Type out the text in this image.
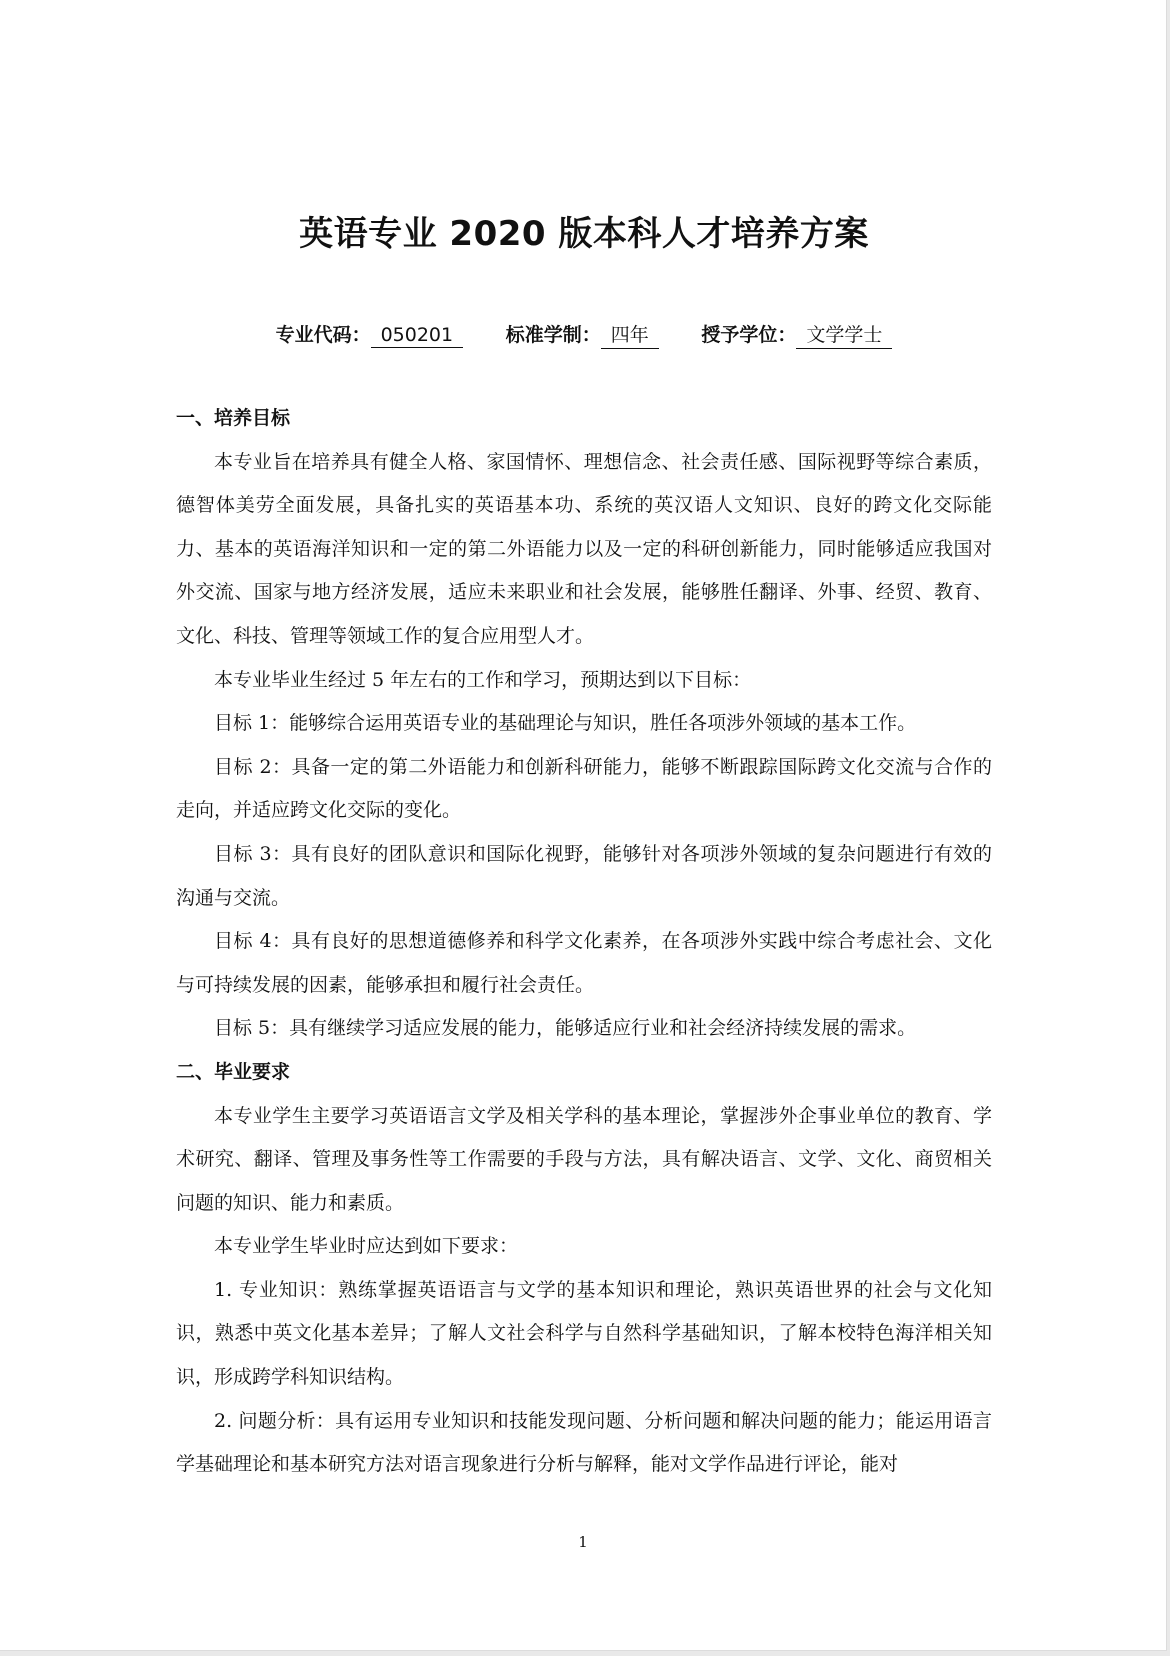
英语专业 2020 版本科人才培养方案
专业代码： 050201	标准学制： 四年	授予学位： 文学学士

一、培养目标

本专业旨在培养具有健全人格、家国情怀、理想信念、社会责任感、国际视野等综合素质，德智体美劳全面发展，具备扎实的英语基本功、系统的英汉语人文知识、良好的跨文化交际能力、基本的英语海洋知识和一定的第二外语能力以及一定的科研创新能力，同时能够适应我国对外交流、国家与地方经济发展，适应未来职业和社会发展，能够胜任翻译、外事、经贸、教育、文化、科技、管理等领域工作的复合应用型人才。

本专业毕业生经过 5 年左右的工作和学习，预期达到以下目标：

目标 1：能够综合运用英语专业的基础理论与知识，胜任各项涉外领域的基本工作。

目标 2：具备一定的第二外语能力和创新科研能力，能够不断跟踪国际跨文化交流与合作的走向，并适应跨文化交际的变化。

目标 3：具有良好的团队意识和国际化视野，能够针对各项涉外领域的复杂问题进行有效的沟通与交流。

目标 4：具有良好的思想道德修养和科学文化素养，在各项涉外实践中综合考虑社会、文化与可持续发展的因素，能够承担和履行社会责任。

目标 5：具有继续学习适应发展的能力，能够适应行业和社会经济持续发展的需求。

二、毕业要求

本专业学生主要学习英语语言文学及相关学科的基本理论，掌握涉外企事业单位的教育、学术研究、翻译、管理及事务性等工作需要的手段与方法，具有解决语言、文学、文化、商贸相关问题的知识、能力和素质。

本专业学生毕业时应达到如下要求：

1. 专业知识：熟练掌握英语语言与文学的基本知识和理论，熟识英语世界的社会与文化知识，熟悉中英文化基本差异；了解人文社会科学与自然科学基础知识，了解本校特色海洋相关知识，形成跨学科知识结构。

2. 问题分析：具有运用专业知识和技能发现问题、分析问题和解决问题的能力；能运用语言学基础理论和基本研究方法对语言现象进行分析与解释，能对文学作品进行评论，能对

1
